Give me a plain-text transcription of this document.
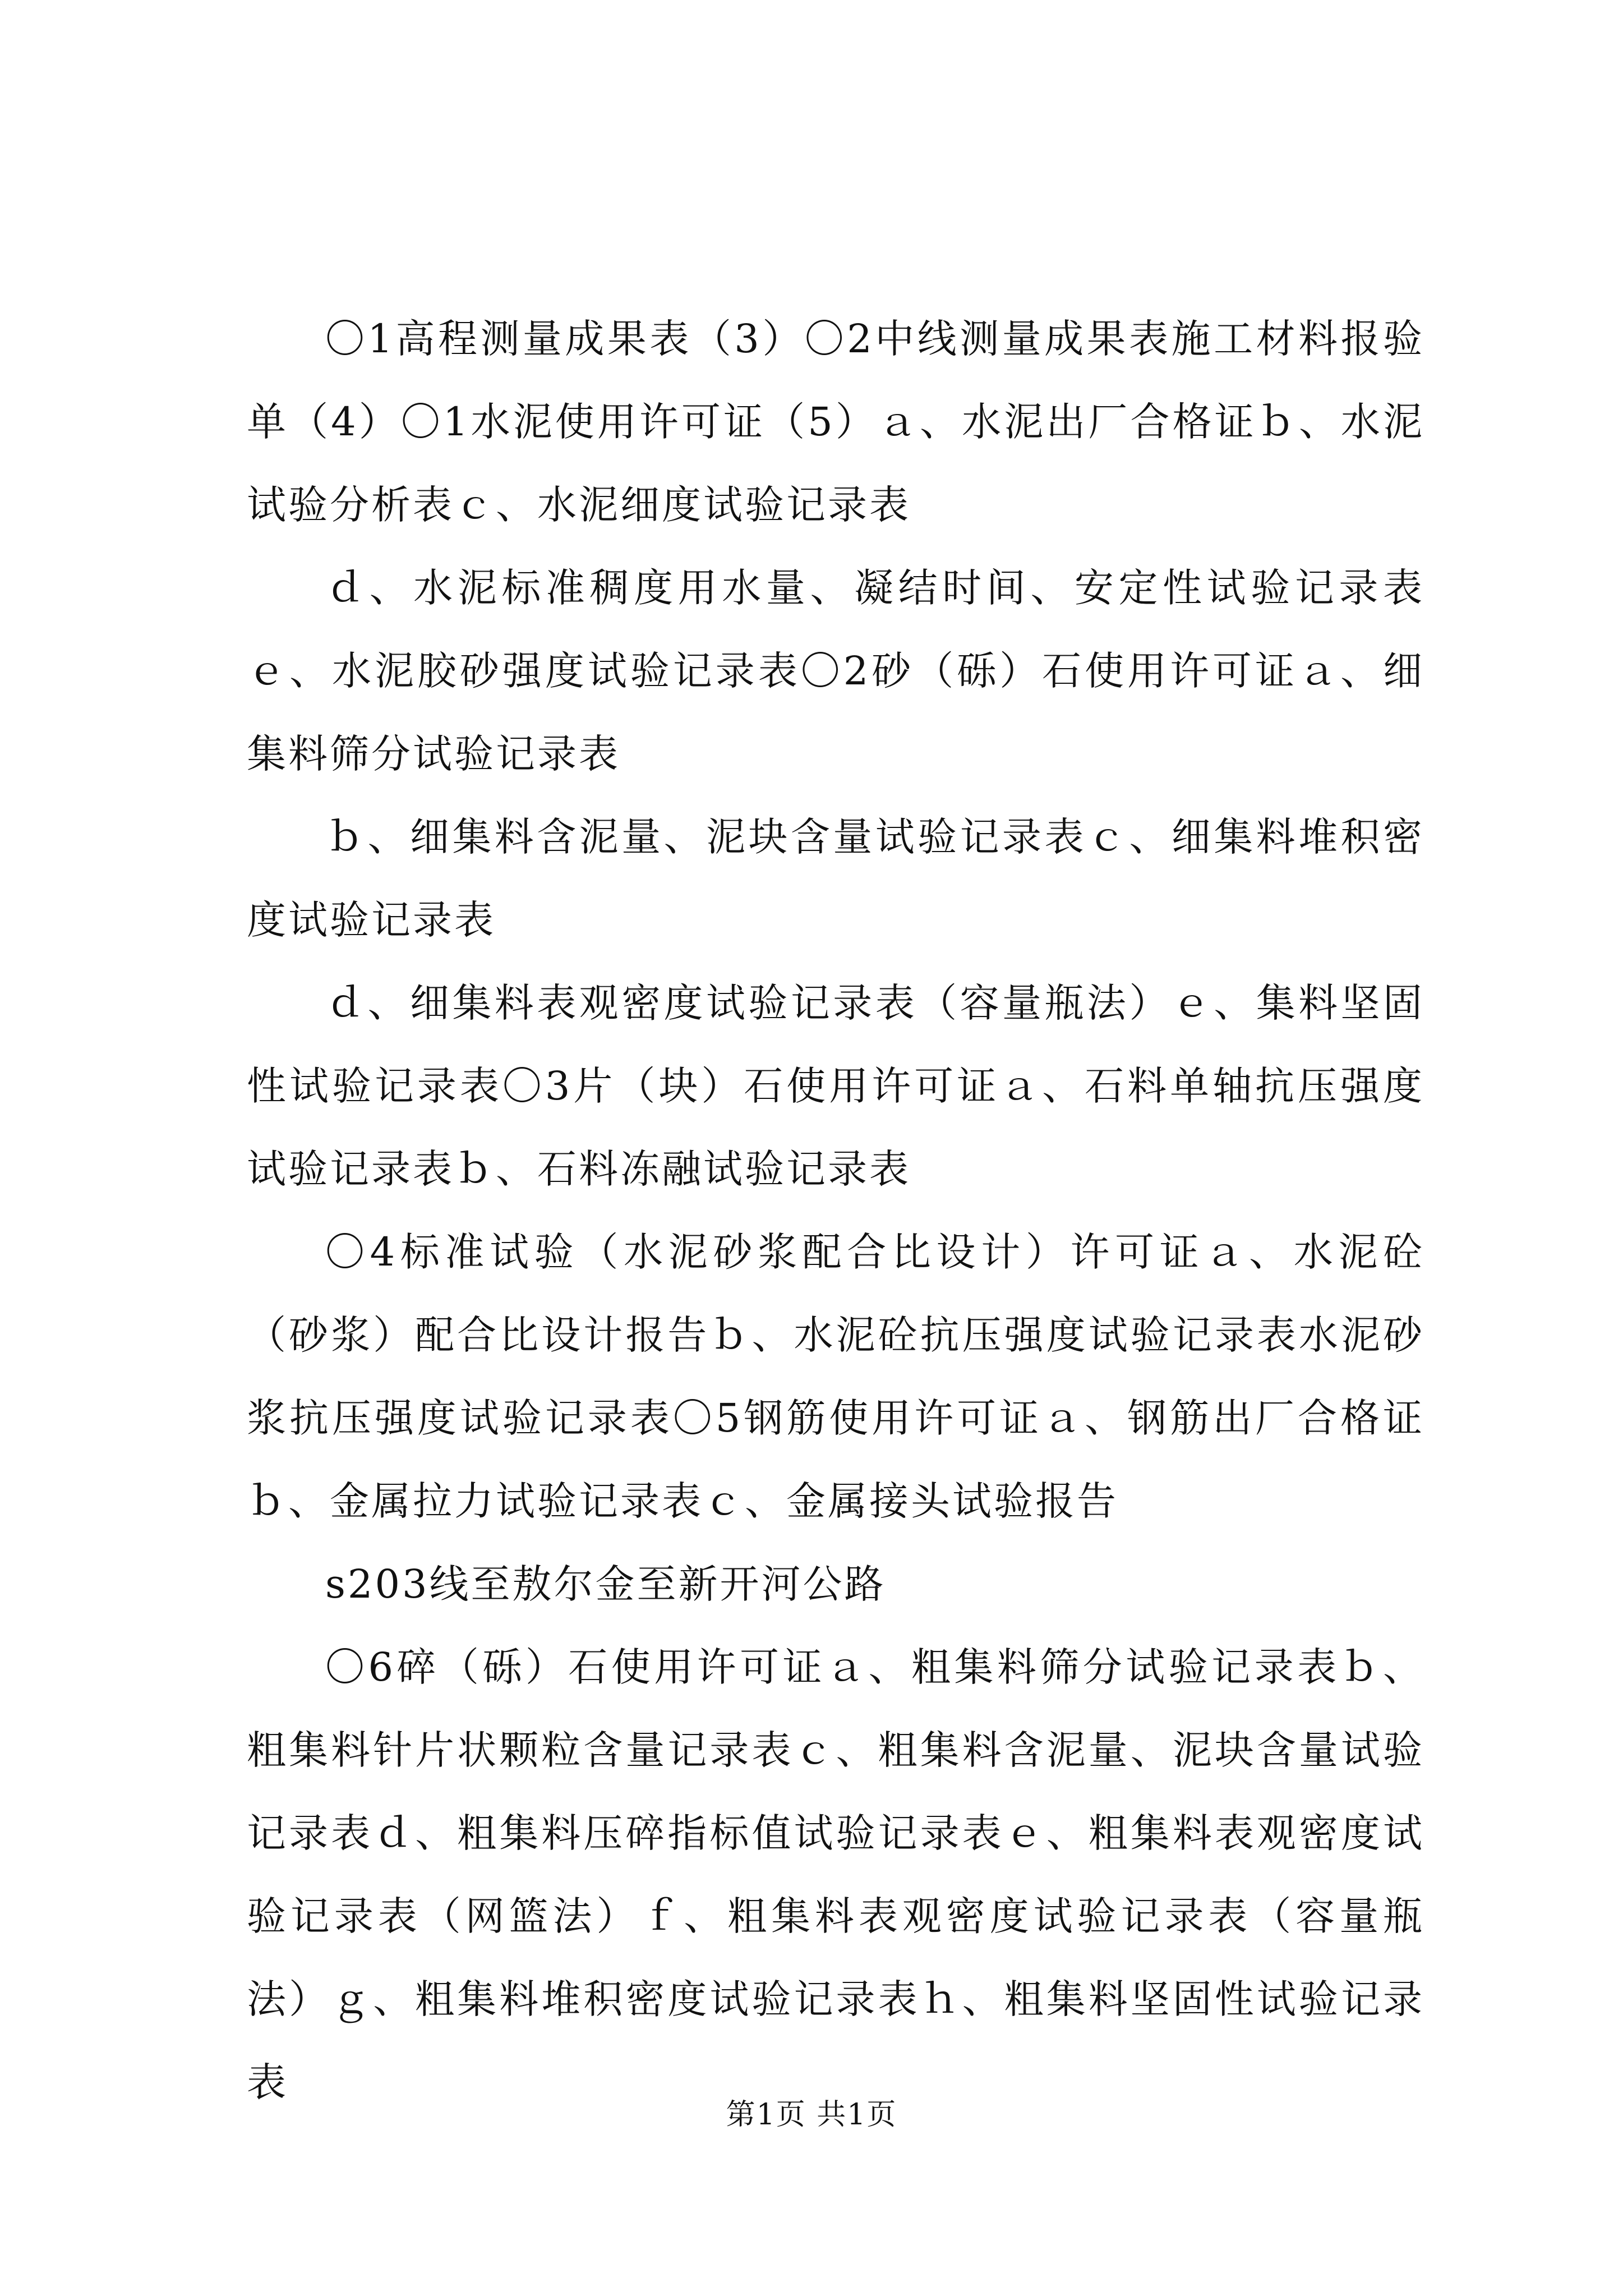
〇1高程测量成果表（3）〇2中线测量成果表施工材料报验单（4）〇1水泥使用许可证（5）ａ、水泥出厂合格证ｂ、水泥试验分析表ｃ、水泥细度试验记录表

ｄ、水泥标准稠度用水量、凝结时间、安定性试验记录表ｅ、水泥胶砂强度试验记录表〇2砂（砾）石使用许可证ａ、细集料筛分试验记录表

ｂ、细集料含泥量、泥块含量试验记录表ｃ、细集料堆积密度试验记录表

ｄ、细集料表观密度试验记录表（容量瓶法）ｅ、集料坚固性试验记录表〇3片（块）石使用许可证ａ、石料单轴抗压强度试验记录表ｂ、石料冻融试验记录表

〇4标准试验（水泥砂浆配合比设计）许可证ａ、水泥砼（砂浆）配合比设计报告ｂ、水泥砼抗压强度试验记录表水泥砂浆抗压强度试验记录表〇5钢筋使用许可证ａ、钢筋出厂合格证ｂ、金属拉力试验记录表ｃ、金属接头试验报告

s203线至敖尔金至新开河公路

〇6碎（砾）石使用许可证ａ、粗集料筛分试验记录表ｂ、粗集料针片状颗粒含量记录表ｃ、粗集料含泥量、泥块含量试验记录表ｄ、粗集料压碎指标值试验记录表ｅ、粗集料表观密度试验记录表（网篮法）ｆ、粗集料表观密度试验记录表（容量瓶法）ｇ、粗集料堆积密度试验记录表ｈ、粗集料坚固性试验记录表

第1页 共1页
